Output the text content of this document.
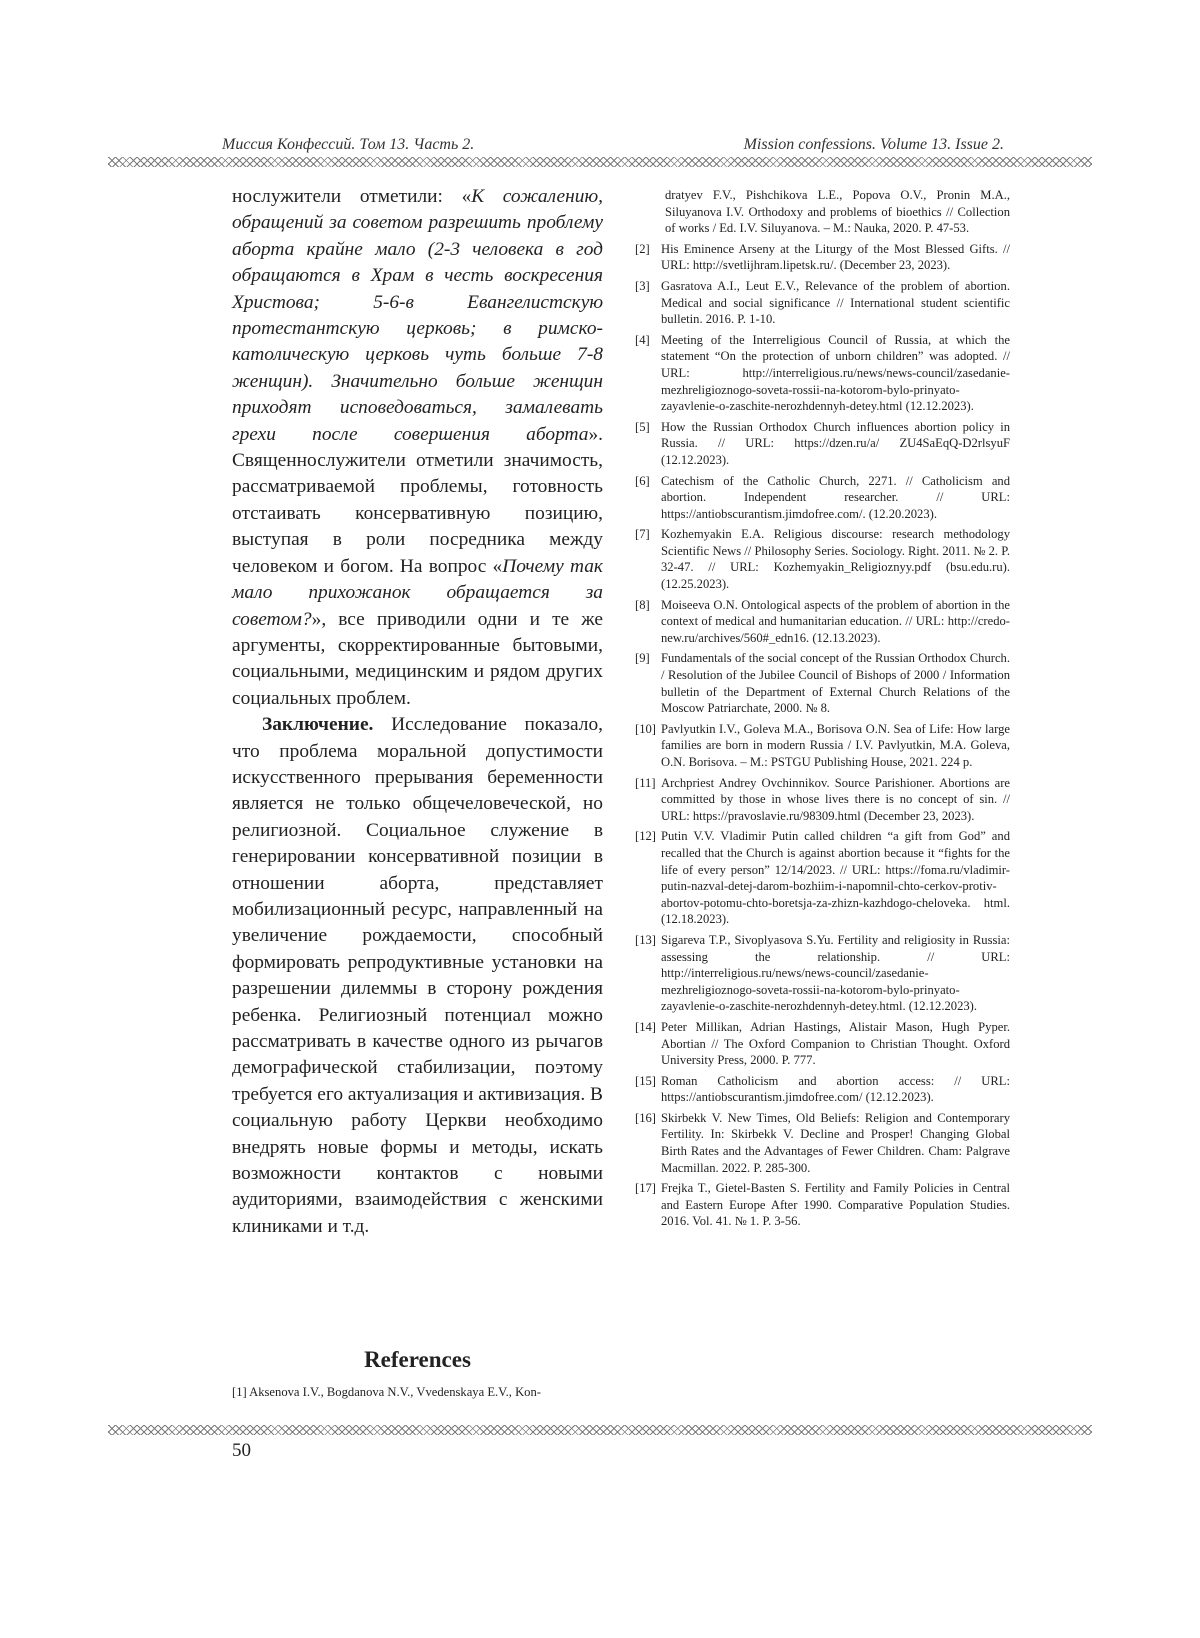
Миссия Конфессий. Том 13. Часть 2.	Mission confessions. Volume 13. Issue 2.

нослужители отметили: «К сожалению, обращений за советом разрешить проблему аборта крайне мало (2-3 человека в год обращаются в Храм в честь воскресения Христова; 5-6-в Евангелистскую протестантскую церковь; в римско-католическую церковь чуть больше 7-8 женщин). Значительно больше женщин приходят исповедоваться, замалевать грехи после совершения аборта». Священнослужители отметили значимость, рассматриваемой проблемы, готовность отстаивать консервативную позицию, выступая в роли посредника между человеком и богом. На вопрос «Почему так мало прихожанок обращается за советом?», все приводили одни и те же аргументы, скорректированные бытовыми, социальными, медицинским и рядом других социальных проблем.

Заключение. Исследование показало, что проблема моральной допустимости искусственного прерывания беременности является не только общечеловеческой, но религиозной. Социальное служение в генерировании консервативной позиции в отношении аборта, представляет мобилизационный ресурс, направленный на увеличение рождаемости, способный формировать репродуктивные установки на разрешении дилеммы в сторону рождения ребенка. Религиозный потенциал можно рассматривать в качестве одного из рычагов демографической стабилизации, поэтому требуется его актуализация и активизация. В социальную работу Церкви необходимо внедрять новые формы и методы, искать возможности контактов с новыми аудиториями, взаимодействия с женскими клиниками и т.д.

References
[1] Aksenova I.V., Bogdanova N.V., Vvedenskaya E.V., Kon-

dratyev F.V., Pishchikova L.E., Popova O.V., Pronin M.A., Siluyanova I.V. Orthodoxy and problems of bioethics // Collection of works / Ed. I.V. Siluyanova. – M.: Nauka, 2020. P. 47-53.

[2] His Eminence Arseny at the Liturgy of the Most Blessed Gifts. // URL: http://svetlijhram.lipetsk.ru/. (December 23, 2023).
[3] Gasratova A.I., Leut E.V., Relevance of the problem of abortion. Medical and social significance // International student scientific bulletin. 2016. P. 1-10.
[4] Meeting of the Interreligious Council of Russia, at which the statement “On the protection of unborn children” was adopted. // URL: http://interreligious.ru/news/news-council/zasedanie-mezhreligioznogo-soveta-rossii-na-kotorom-bylo-prinyato-zayavlenie-o-zaschite-nerozhdennyh-detey.html (12.12.2023).
[5] How the Russian Orthodox Church influences abortion policy in Russia. // URL: https://dzen.ru/a/ ZU4SaEqQ-D2rlsyuF (12.12.2023).
[6] Catechism of the Catholic Church, 2271. // Catholicism and abortion. Independent researcher. // URL: https://antiobscurantism.jimdofree.com/. (12.20.2023).
[7] Kozhemyakin E.A. Religious discourse: research methodology Scientific News // Philosophy Series. Sociology. Right. 2011. № 2. P. 32-47. // URL: Kozhemyakin_Religioznyy.pdf (bsu.edu.ru). (12.25.2023).
[8] Moiseeva O.N. Ontological aspects of the problem of abortion in the context of medical and humanitarian education. // URL: http://credo-new.ru/archives/560#_edn16. (12.13.2023).
[9] Fundamentals of the social concept of the Russian Orthodox Church. / Resolution of the Jubilee Council of Bishops of 2000 / Information bulletin of the Department of External Church Relations of the Moscow Patriarchate, 2000. № 8.
[10] Pavlyutkin I.V., Goleva M.A., Borisova O.N. Sea of Life: How large families are born in modern Russia / I.V. Pavlyutkin, M.A. Goleva, O.N. Borisova. – M.: PSTGU Publishing House, 2021. 224 p.
[11] Archpriest Andrey Ovchinnikov. Source Parishioner. Abortions are committed by those in whose lives there is no concept of sin. // URL: https://pravoslavie.ru/98309.html (December 23, 2023).
[12] Putin V.V. Vladimir Putin called children “a gift from God” and recalled that the Church is against abortion because it “fights for the life of every person” 12/14/2023. // URL: https://foma.ru/vladimir-putin-nazval-detej-darom-bozhiim-i-napomnil-chto-cerkov-protiv-abortov-potomu-chto-boretsja-za-zhizn-kazhdogo-cheloveka. html. (12.18.2023).
[13] Sigareva T.P., Sivoplyasova S.Yu. Fertility and religiosity in Russia: assessing the relationship. // URL: http://interreligious.ru/news/news-council/zasedanie-mezhreligioznogo-soveta-rossii-na-kotorom-bylo-prinyato-zayavlenie-o-zaschite-nerozhdennyh-detey.html. (12.12.2023).
[14] Peter Millikan, Adrian Hastings, Alistair Mason, Hugh Pyper. Abortian // The Oxford Companion to Christian Thought. Oxford University Press, 2000. P. 777.
[15] Roman Catholicism and abortion access: // URL: https://antiobscurantism.jimdofree.com/ (12.12.2023).
[16] Skirbekk V. New Times, Old Beliefs: Religion and Contemporary Fertility. In: Skirbekk V. Decline and Prosper! Changing Global Birth Rates and the Advantages of Fewer Children. Cham: Palgrave Macmillan. 2022. P. 285-300.
[17] Frejka T., Gietel-Basten S. Fertility and Family Policies in Central and Eastern Europe After 1990. Comparative Population Studies. 2016. Vol. 41. № 1. P. 3-56.
50
